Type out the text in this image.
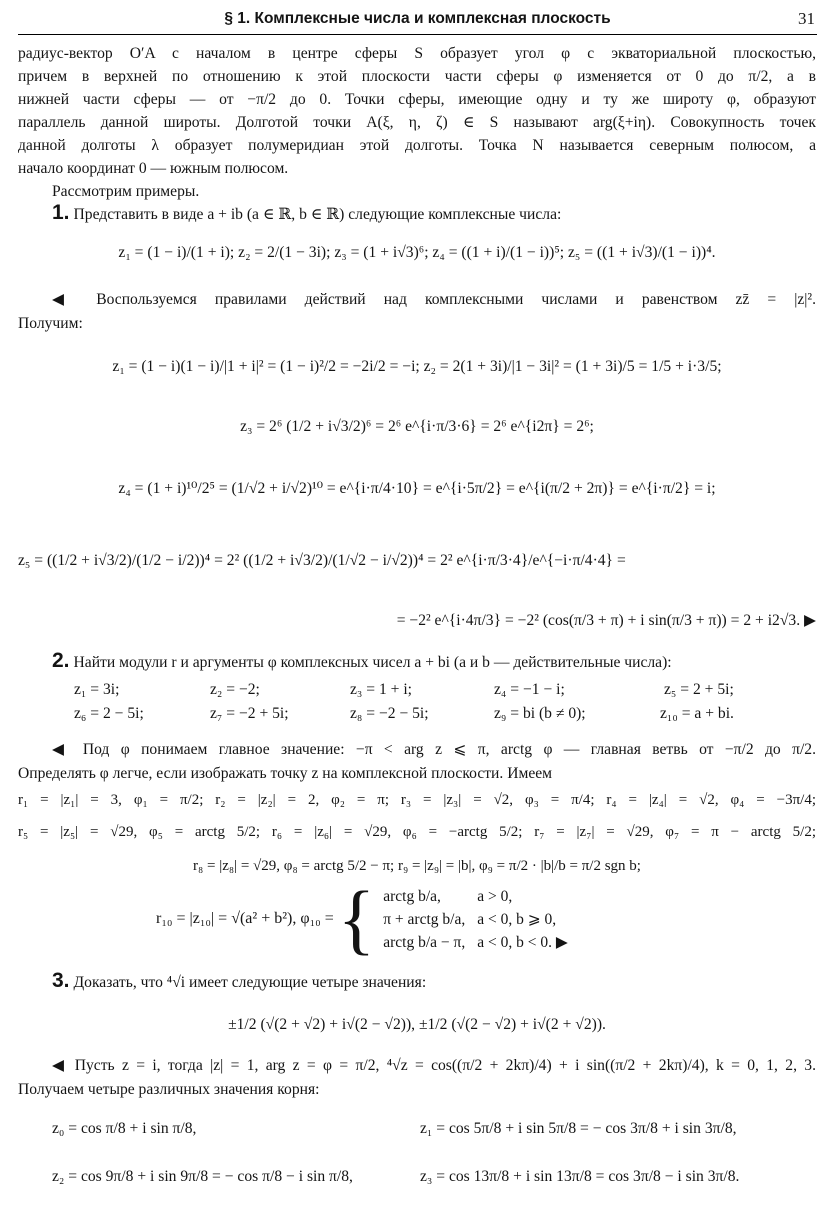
§ 1. Комплексные числа и комплексная плоскость	31
радиус-вектор O′A с началом в центре сферы S образует угол φ с экваториальной плоскостью,
причем в верхней по отношению к этой плоскости части сферы φ изменяется от 0 до π/2, а в
нижней части сферы — от −π/2 до 0. Точки сферы, имеющие одну и ту же широту φ, образуют
параллель данной широты. Долготой точки A(ξ, η, ζ) ∈ S называют arg(ξ+iη). Совокупность точек
данной долготы λ образует полумеридиан этой долготы. Точка N называется северным полюсом, а
начало координат 0 — южным полюсом.
Рассмотрим примеры.
1. Представить в виде a + ib (a ∈ ℝ, b ∈ ℝ) следующие комплексные числа:
z₁ = (1 − i)/(1 + i); z₂ = 2/(1 − 3i); z₃ = (1 + i√3)⁶; z₄ = ((1 + i)/(1 − i))⁵; z₅ = ((1 + i√3)/(1 − i))⁴.
◀ Воспользуемся правилами действий над комплексными числами и равенством zz̄ = |z|².
Получим:
z₁ = (1 − i)(1 − i)/|1 + i|² = (1 − i)²/2 = −2i/2 = −i; z₂ = 2(1 + 3i)/|1 − 3i|² = (1 + 3i)/5 = 1/5 + i·3/5;
z₃ = 2⁶ (1/2 + i√3/2)⁶ = 2⁶ e^{i·π/3·6} = 2⁶ e^{i2π} = 2⁶;
z₄ = (1 + i)¹⁰/2⁵ = (1/√2 + i/√2)¹⁰ = e^{i·π/4·10} = e^{i·5π/2} = e^{i(π/2 + 2π)} = e^{i·π/2} = i;
z₅ = ((1/2 + i√3/2)/(1/2 − i/2))⁴ = 2² ((1/2 + i√3/2)/(1/√2 − i/√2))⁴ = 2² e^{i·π/3·4}/e^{−i·π/4·4} =
= −2² e^{i·4π/3} = −2² (cos(π/3 + π) + i sin(π/3 + π)) = 2 + i2√3. ▶
2. Найти модули r и аргументы φ комплексных чисел a + bi (a и b — действительные числа):
z₁ = 3i;	z₂ = −2;	z₃ = 1 + i;	z₄ = −1 − i;	z₅ = 2 + 5i;
z₆ = 2 − 5i;	z₇ = −2 + 5i;	z₈ = −2 − 5i;	z₉ = bi (b ≠ 0);	z₁₀ = a + bi.
◀ Под φ понимаем главное значение: −π < arg z ⩽ π, arctg φ — главная ветвь от −π/2 до π/2.
Определять φ легче, если изображать точку z на комплексной плоскости. Имеем
r₁ = |z₁| = 3, φ₁ = π/2; r₂ = |z₂| = 2, φ₂ = π; r₃ = |z₃| = √2, φ₃ = π/4; r₄ = |z₄| = √2, φ₄ = −3π/4;
r₅ = |z₅| = √29, φ₅ = arctg 5/2; r₆ = |z₆| = √29, φ₆ = −arctg 5/2; r₇ = |z₇| = √29, φ₇ = π − arctg 5/2;
r₈ = |z₈| = √29, φ₈ = arctg 5/2 − π; r₉ = |z₉| = |b|, φ₉ = π/2 · |b|/b = π/2 sgn b;
r₁₀ = |z₁₀| = √(a² + b²), φ₁₀ = { arctg b/a,	a > 0,
π + arctg b/a,	a < 0, b ⩾ 0,
arctg b/a − π,	a < 0, b < 0. ▶
3. Доказать, что ⁴√i имеет следующие четыре значения:
±1/2 (√(2 + √2) + i√(2 − √2)), ±1/2 (√(2 − √2) + i√(2 + √2)).
◀ Пусть z = i, тогда |z| = 1, arg z = φ = π/2, ⁴√z = cos((π/2 + 2kπ)/4) + i sin((π/2 + 2kπ)/4), k = 0, 1, 2, 3.
Получаем четыре различных значения корня:
z₀ = cos π/8 + i sin π/8,	z₁ = cos 5π/8 + i sin 5π/8 = − cos 3π/8 + i sin 3π/8,
z₂ = cos 9π/8 + i sin 9π/8 = − cos π/8 − i sin π/8,	z₃ = cos 13π/8 + i sin 13π/8 = cos 3π/8 − i sin 3π/8.
